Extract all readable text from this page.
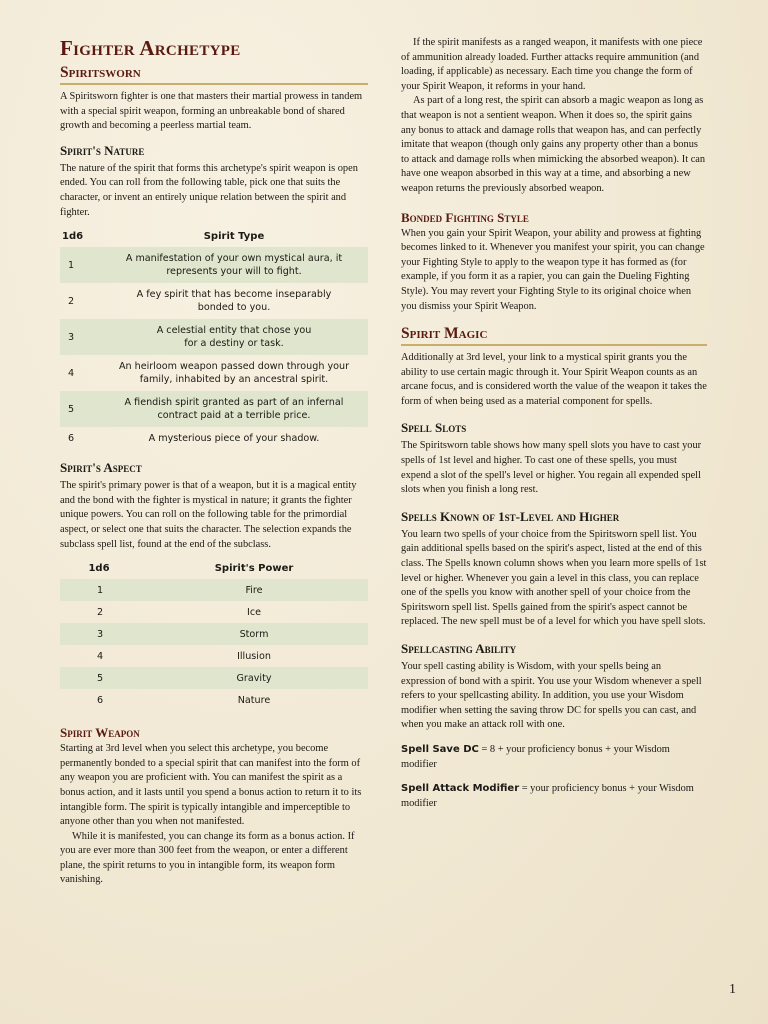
Fighter Archetype
Spiritsworn

A Spiritsworn fighter is one that masters their martial prowess in tandem with a special spirit weapon, forming an unbreakable bond of shared growth and becoming a peerless martial team.

Spirit's Nature

The nature of the spirit that forms this archetype's spirit weapon is open ended. You can roll from the following table, pick one that suits the character, or invent an entirely unique relation between the spirit and fighter.

1d6	Spirit Type
1	A manifestation of your own mystical aura, it
represents your will to fight.
2	A fey spirit that has become inseparably
bonded to you.
3	A celestial entity that chose you
for a destiny or task.
4	An heirloom weapon passed down through your
family, inhabited by an ancestral spirit.
5	A fiendish spirit granted as part of an infernal
contract paid at a terrible price.
6	A mysterious piece of your shadow.
Spirit's Aspect

The spirit's primary power is that of a weapon, but it is a magical entity and the bond with the fighter is mystical in nature; it grants the fighter unique powers. You can roll on the following table for the primordial aspect, or select one that suits the character. The selection expands the subclass spell list, found at the end of the subclass.

1d6	Spirit's Power
1	Fire
2	Ice
3	Storm
4	Illusion
5	Gravity
6	Nature
Spirit Weapon

Starting at 3rd level when you select this archetype, you become permanently bonded to a special spirit that can manifest into the form of any weapon you are proficient with. You can manifest the spirit as a bonus action, and it lasts until you spend a bonus action to return it to its intangible form. The spirit is typically intangible and imperceptible to anyone other than you when not manifested.

While it is manifested, you can change its form as a bonus action. If you are ever more than 300 feet from the weapon, or enter a different plane, the spirit returns to you in intangible form, its weapon form vanishing.

If the spirit manifests as a ranged weapon, it manifests with one piece of ammunition already loaded. Further attacks require ammunition (and loading, if applicable) as necessary. Each time you change the form of your Spirit Weapon, it reforms in your hand.

As part of a long rest, the spirit can absorb a magic weapon as long as that weapon is not a sentient weapon. When it does so, the spirit gains any bonus to attack and damage rolls that weapon has, and can perfectly imitate that weapon (though only gains any property other than a bonus to attack and damage rolls when mimicking the absorbed weapon). It can have one weapon absorbed in this way at a time, and absorbing a new weapon returns the previously absorbed weapon.

Bonded Fighting Style

When you gain your Spirit Weapon, your ability and prowess at fighting becomes linked to it. Whenever you manifest your spirit, you can change your Fighting Style to apply to the weapon type it has formed as (for example, if you form it as a rapier, you can gain the Dueling Fighting Style). You may revert your Fighting Style to its original choice when you dismiss your Spirit Weapon.

Spirit Magic

Additionally at 3rd level, your link to a mystical spirit grants you the ability to use certain magic through it. Your Spirit Weapon counts as an arcane focus, and is considered worth the value of the weapon it takes the form of when being used as a material component for spells.

Spell Slots

The Spiritsworn table shows how many spell slots you have to cast your spells of 1st level and higher. To cast one of these spells, you must expend a slot of the spell's level or higher. You regain all expended spell slots when you finish a long rest.

Spells Known of 1st-Level and Higher

You learn two spells of your choice from the Spiritsworn spell list. You gain additional spells based on the spirit's aspect, listed at the end of this class. The Spells known column shows when you learn more spells of 1st level or higher. Whenever you gain a level in this class, you can replace one of the spells you know with another spell of your choice from the Spiritsworn spell list. Spells gained from the spirit's aspect cannot be replaced. The new spell must be of a level for which you have spell slots.

Spellcasting Ability

Your spell casting ability is Wisdom, with your spells being an expression of bond with a spirit. You use your Wisdom whenever a spell refers to your spellcasting ability. In addition, you use your Wisdom modifier when setting the saving throw DC for spells you can cast, and when you make an attack roll with one.

Spell Save DC = 8 + your proficiency bonus + your Wisdom modifier

Spell Attack Modifier = your proficiency bonus + your Wisdom modifier

1
